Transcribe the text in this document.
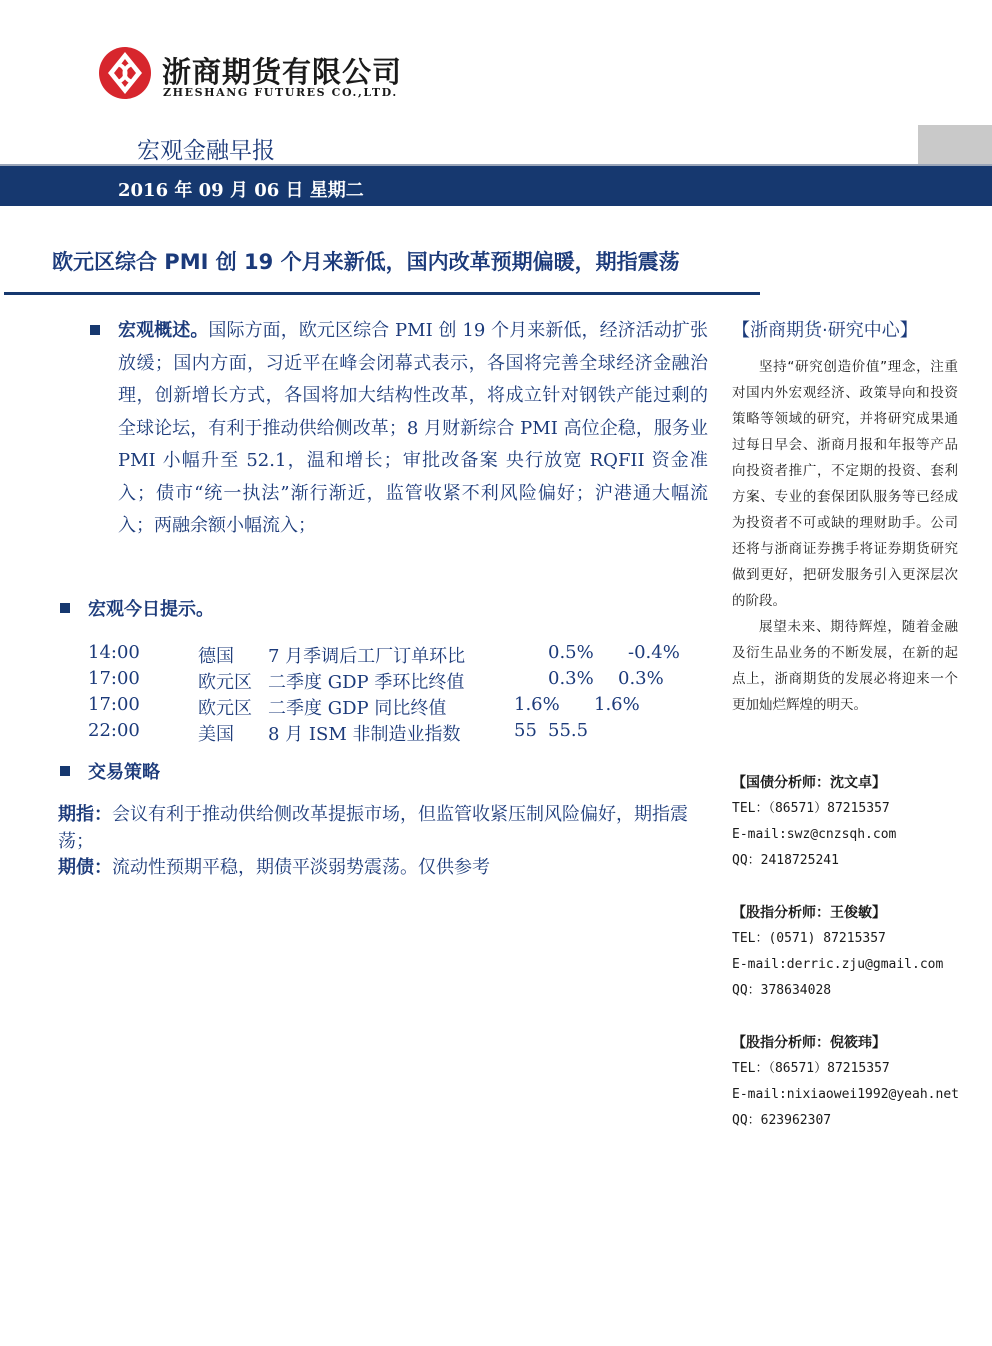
浙商期货有限公司
ZHESHANG FUTURES CO.,LTD.
宏观金融早报
2016 年 09 月 06 日 星期二
欧元区综合 PMI 创 19 个月来新低，国内改革预期偏暖，期指震荡
宏观概述。国际方面，欧元区综合 PMI 创 19 个月来新低，经济活动扩张放缓；国内方面，习近平在峰会闭幕式表示，各国将完善全球经济金融治理，创新增长方式，各国将加大结构性改革，将成立针对钢铁产能过剩的全球论坛，有利于推动供给侧改革；8 月财新综合 PMI 高位企稳，服务业 PMI 小幅升至 52.1，温和增长；审批改备案 央行放宽 RQFII 资金准入；债市“统一执法”渐行渐近，监管收紧不利风险偏好；沪港通大幅流入；两融余额小幅流入；
宏观今日提示。
14:00	德国 7 月季调后工厂订单环比	0.5% -0.4%
17:00	欧元区 二季度 GDP 季环比终值	0.3% 0.3%
17:00	欧元区 二季度 GDP 同比终值	1.6% 1.6%
22:00	美国 8 月 ISM 非制造业指数	55 55.5
交易策略
期指：会议有利于推动供给侧改革提振市场，但监管收紧压制风险偏好，期指震荡；
期债：流动性预期平稳，期债平淡弱势震荡。仅供参考
【浙商期货·研究中心】

坚持“研究创造价值”理念，注重对国内外宏观经济、政策导向和投资策略等领域的研究，并将研究成果通过每日早会、浙商月报和年报等产品向投资者推广，不定期的投资、套利方案、专业的套保团队服务等已经成为投资者不可或缺的理财助手。公司还将与浙商证券携手将证券期货研究做到更好，把研发服务引入更深层次的阶段。

展望未来、期待辉煌，随着金融及衍生品业务的不断发展，在新的起点上，浙商期货的发展必将迎来一个更加灿烂辉煌的明天。

【国债分析师：沈文卓】
TEL：（86571）87215357
E-mail:swz@cnzsqh.com
QQ：2418725241
【股指分析师：王俊敏】
TEL：(0571) 87215357
E-mail:derric.zju@gmail.com
QQ：378634028
【股指分析师：倪筱玮】
TEL：（86571）87215357
E-mail:nixiaowei1992@yeah.net
QQ：623962307
